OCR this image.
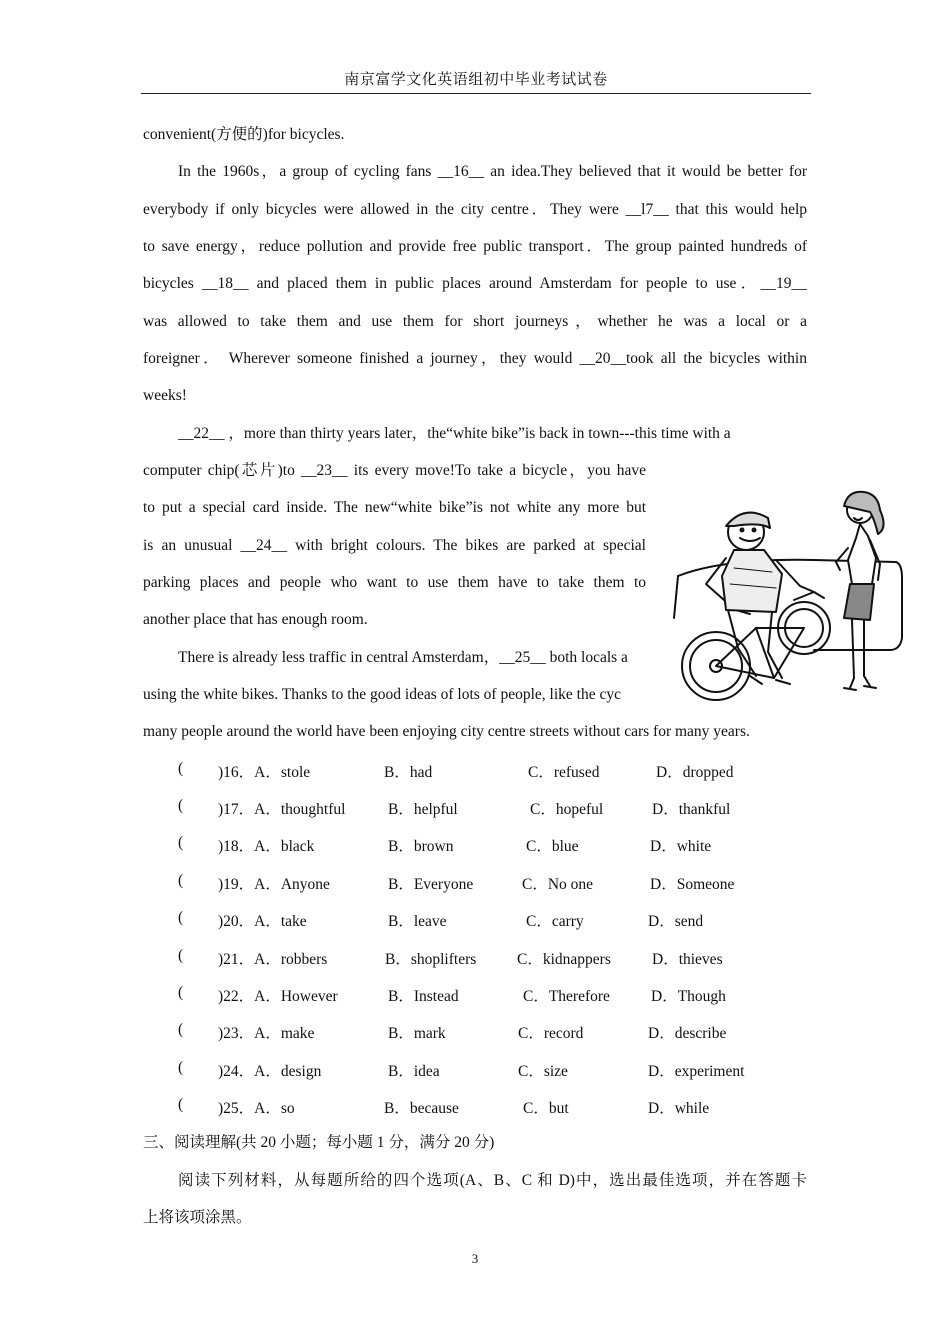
南京富学文化英语组初中毕业考试试卷
convenient(方便的)for bicycles.
In the 1960s，a group of cycling fans __16__ an idea.They believed that it would be better for
everybody if only bicycles were allowed in the city centre．They were __l7__ that this would help
to save energy，reduce pollution and provide free public transport．The group painted hundreds of
bicycles __18__ and placed them in public places around Amsterdam for people to use．__19__
was allowed to take them and use them for short journeys，whether he was a local or a
foreigner． Wherever someone finished a journey，they would __20__took all the bicycles within
weeks!
__22__ ，more than thirty years later，the“white bike”is back in town---this time with a
computer chip(芯片)to __23__ its every move!To take a bicycle，you have
to put a special card inside. The new“white bike”is not white any more but
is an unusual __24__ with bright colours. The bikes are parked at special
parking places and people who want to use them have to take them to
another place that has enough room.
There is already less traffic in central Amsterdam，__25__ both locals a
using the white bikes. Thanks to the good ideas of lots of people, like the cyc
many people around the world have been enjoying city centre streets without cars for many years.
( )16．A．stole	B．had	C．refused	D．dropped
( )17．A．thoughtful	B．helpful	C．hopeful	D．thankful
( )18．A．black	B．brown	C．blue	D．white
( )19．A．Anyone	B．Everyone	C．No one	D．Someone
( )20．A．take	B．leave	C．carry	D．send
( )21．A．robbers	B．shoplifters	C．kidnappers	D．thieves
( )22．A．However	B．Instead	C．Therefore	D．Though
( )23．A．make	B．mark	C．record	D．describe
( )24．A．design	B．idea	C．size	D．experiment
( )25．A．so	B．because	C．but	D．while
三、阅读理解(共 20 小题；每小题 1 分，满分 20 分)
阅读下列材料，从每题所给的四个选项(A、B、C 和 D)中，选出最佳选项，并在答题卡
上将该项涂黑。
3
